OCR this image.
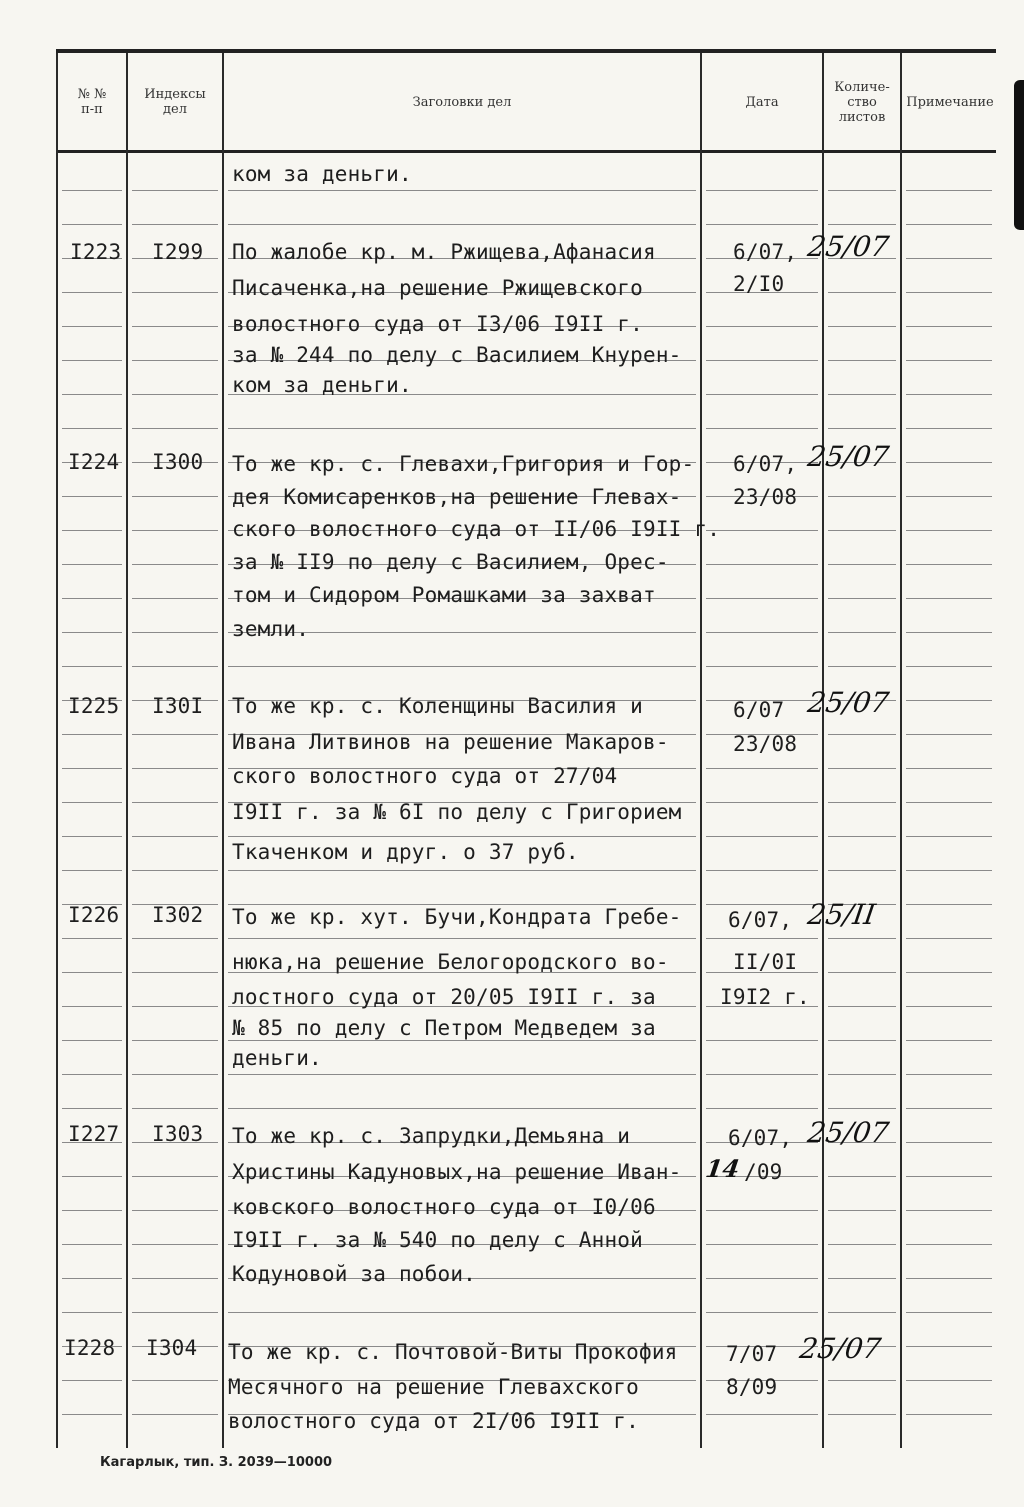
№ №
п-п
Индексы
дел	Заголовки дел	Дата
Количе-
ство
листов
Примечание
ком за деньги.
I223 I299 По жалобе кр. м. Ржищева,Афанасия
Писаченка,на решение Ржищевского
волостного суда от I3/06 I9II г.
за № 244 по делу с Василием Кнурен-
ком за деньги.
6/07,
2/I0
25/07
I224 I300 То же кр. с. Глевахи,Григория и Гор-
дея Комисаренков,на решение Глевах-
ского волостного суда от II/06 I9II г.
за № II9 по делу с Василием, Орес-
том и Сидором Ромашками за захват
земли.
6/07,
23/08
25/07
I225 I30I То же кр. с. Коленщины Василия и
Ивана Литвинов на решение Макаров-
ского волостного суда от 27/04
I9II г. за № 6I по делу с Григорием
Ткаченком и друг. о 37 руб.
6/07
23/08
25/07
I226 I302 То же кр. хут. Бучи,Кондрата Гребе-
нюка,на решение Белогородского во-
лостного суда от 20/05 I9II г. за
№ 85 по делу с Петром Медведем за
деньги.
6/07,
II/0I
I9I2 г.
25/II
I227 I303 То же кр. с. Запрудки,Демьяна и
Христины Кадуновых,на решение Иван-
ковского волостного суда от I0/06
I9II г. за № 540 по делу с Анной
Кодуновой за побои.
6/07,
14 /09
25/07
I228 I304 То же кр. с. Почтовой-Виты Прокофия
Месячного на решение Глевахского
волостного суда от 2I/06 I9II г.
7/07
8/09
25/07
Кагарлык, тип. З. 2039—10000
